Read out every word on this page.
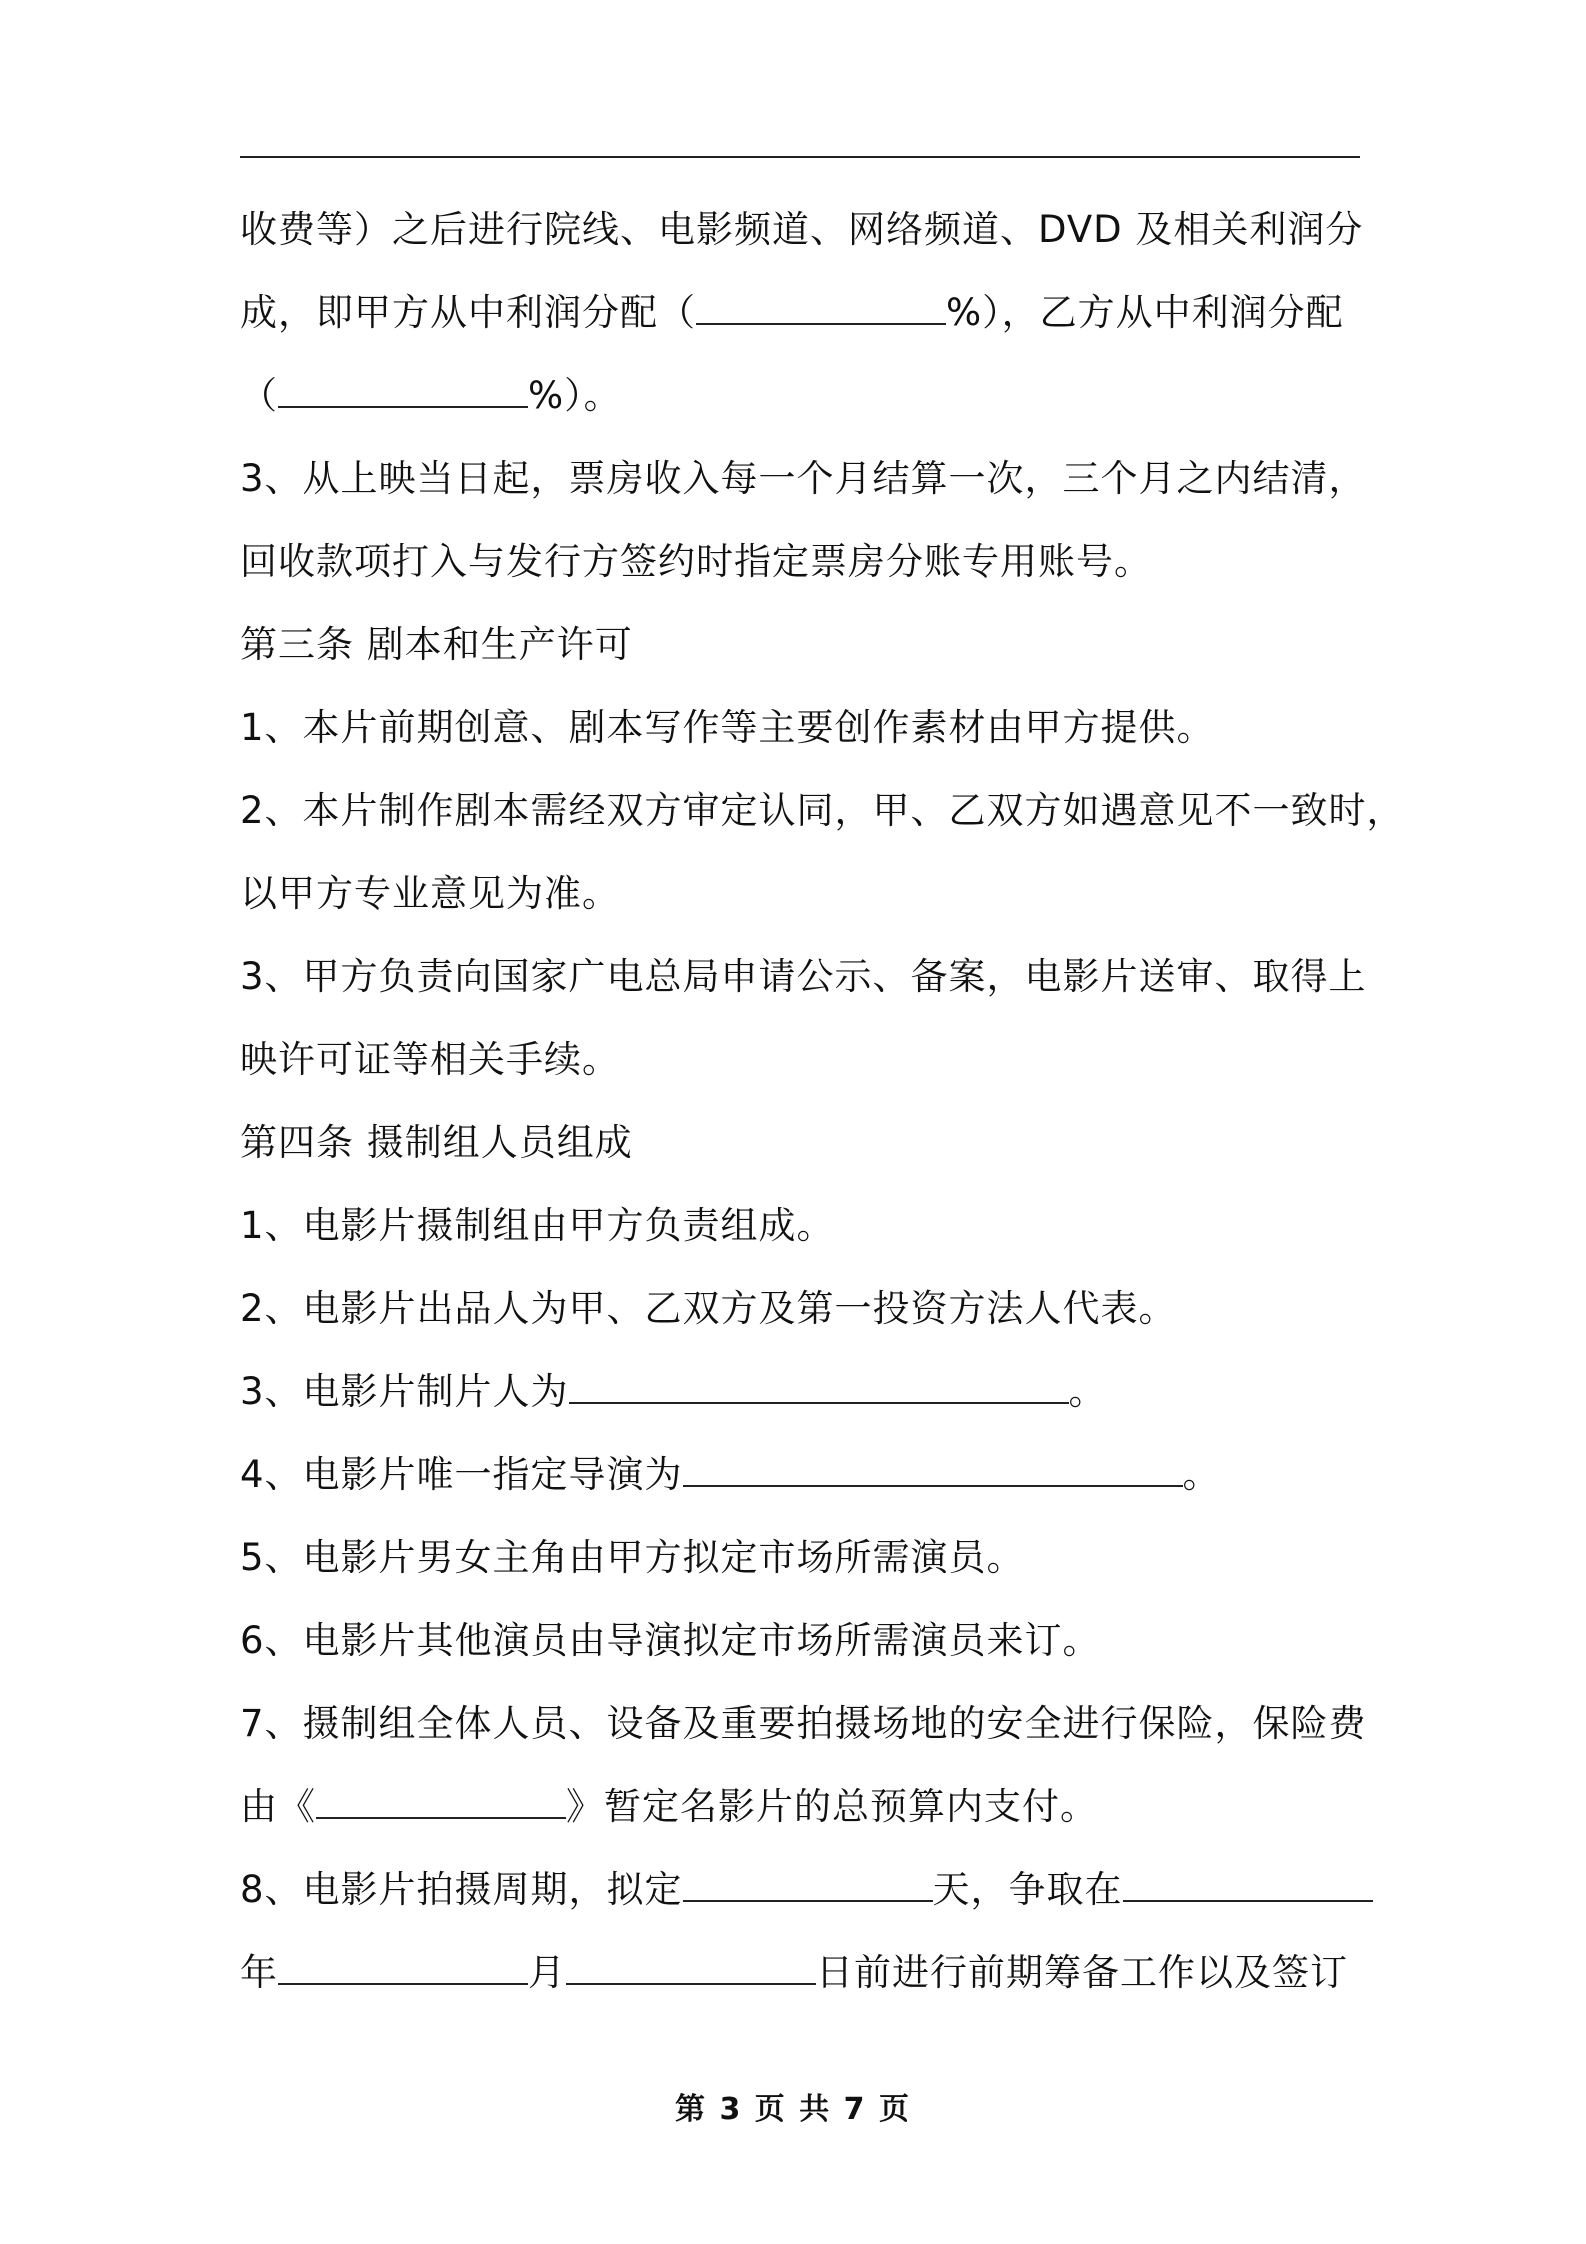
收费等）之后进行院线、电影频道、网络频道、DVD 及相关利润分
成，即甲方从中利润分配（	%），乙方从中利润分配
（	%）。
3、从上映当日起，票房收入每一个月结算一次，三个月之内结清，
回收款项打入与发行方签约时指定票房分账专用账号。
第三条 剧本和生产许可
1、本片前期创意、剧本写作等主要创作素材由甲方提供。
2、本片制作剧本需经双方审定认同，甲、乙双方如遇意见不一致时，
以甲方专业意见为准。
3、甲方负责向国家广电总局申请公示、备案，电影片送审、取得上
映许可证等相关手续。
第四条 摄制组人员组成
1、电影片摄制组由甲方负责组成。
2、电影片出品人为甲、乙双方及第一投资方法人代表。
3、电影片制片人为	。
4、电影片唯一指定导演为	。
5、电影片男女主角由甲方拟定市场所需演员。
6、电影片其他演员由导演拟定市场所需演员来订。
7、摄制组全体人员、设备及重要拍摄场地的安全进行保险，保险费
由《	》暂定名影片的总预算内支付。
8、电影片拍摄周期，拟定	天，争取在
年	月	日前进行前期筹备工作以及签订
第 3 页 共 7 页
